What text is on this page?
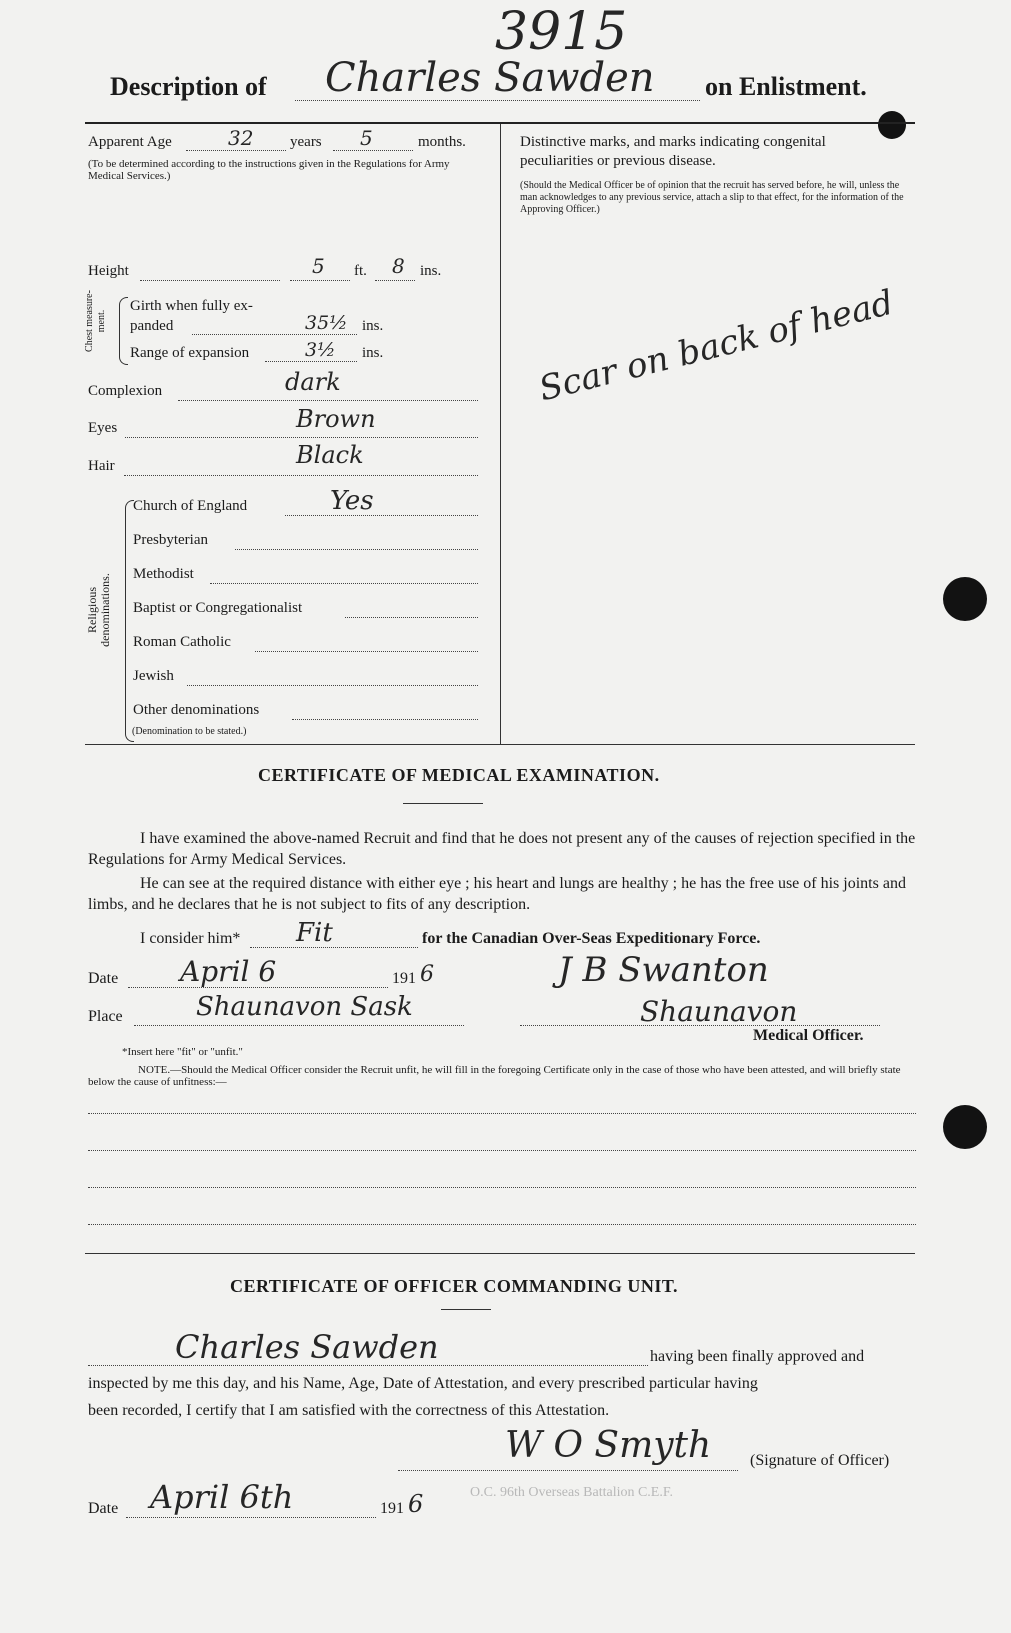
3915
Description of Charles Sawden on Enlistment.
Apparent Age	32 years 5	months.
(To be determined according to the instructions given in the Regulations for Army Medical Services.)
Height	5 ft. 8 ins.
Chest measure-ment.
Girth when fully ex-
panded	35½ ins.
Range of expansion	3½ ins.
Complexion	dark
Eyes	Brown
Hair	Black
Religious denominations.
Church of England	Yes
Presbyterian
Methodist
Baptist or Congregationalist
Roman Catholic
Jewish
Other denominations
(Denomination to be stated.)
Distinctive marks, and marks indicating congenital
peculiarities or previous disease.
(Should the Medical Officer be of opinion that the recruit has served before, he will, unless the man acknowledges to any previous service, attach a slip to that effect, for the information of the Approving Officer.)
Scar on back of head
CERTIFICATE OF MEDICAL EXAMINATION.
I have examined the above-named Recruit and find that he does not present any of the causes of rejection specified in the Regulations for Army Medical Services.
He can see at the required distance with either eye ; his heart and lungs are healthy ; he has the free use of his joints and limbs, and he declares that he is not subject to fits of any description.
I consider him* Fit	for the Canadian Over-Seas Expeditionary Force.
Date April 6	191 6
Place	Shaunavon Sask
J B Swanton
Shaunavon
Medical Officer.
*Insert here "fit" or "unfit."
NOTE.—Should the Medical Officer consider the Recruit unfit, he will fill in the foregoing Certificate only in the case of those who have been attested, and will briefly state below the cause of unfitness:—
CERTIFICATE OF OFFICER COMMANDING UNIT.
Charles Sawden	having been finally approved and
inspected by me this day, and his Name, Age, Date of Attestation, and every prescribed particular having
been recorded, I certify that I am satisfied with the correctness of this Attestation.
W O Smyth (Signature of Officer)
O.C. 96th Overseas Battalion C.E.F.
Date April 6th	191 6
